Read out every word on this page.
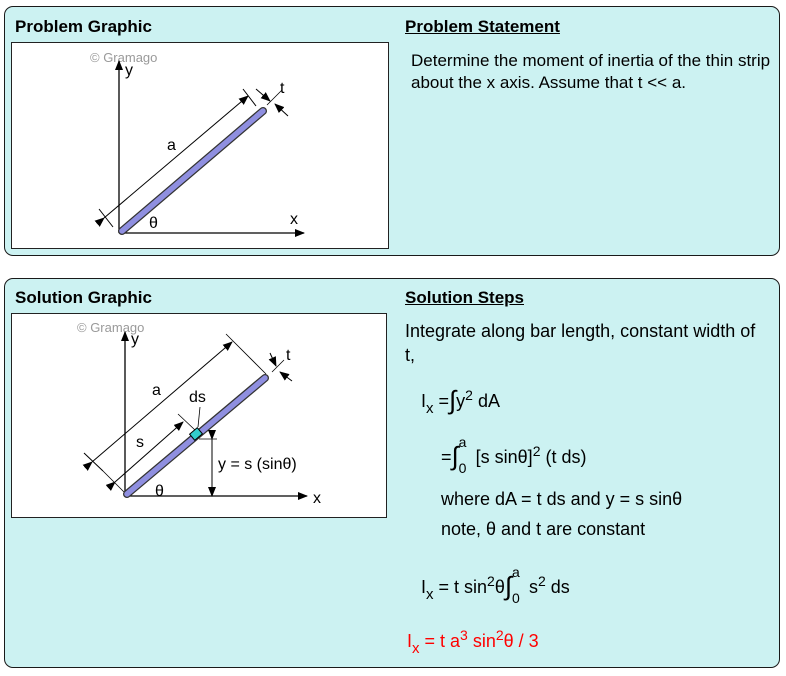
Problem Graphic	Problem Statement
© Gramago
y
x
a
t
θ
Determine the moment of inertia of the thin strip about the x axis. Assume that t << a.
Solution Graphic	Solution Steps
© Gramago
y
x
ds
a
s
t
y = s (sinθ)
θ
Integrate along bar length, constant width of t,
$I_x =\int y^2$ dA
=∫ a
0
[s sinθ]$^2$ (t ds)
where dA = t ds and y = s sinθ
note, θ and t are constant
$I_x = t$ $\sin^2\theta\int$ a
0
$s^2$ ds
$I_x = t$ $a^3$ $\sin^2\theta / 3$
